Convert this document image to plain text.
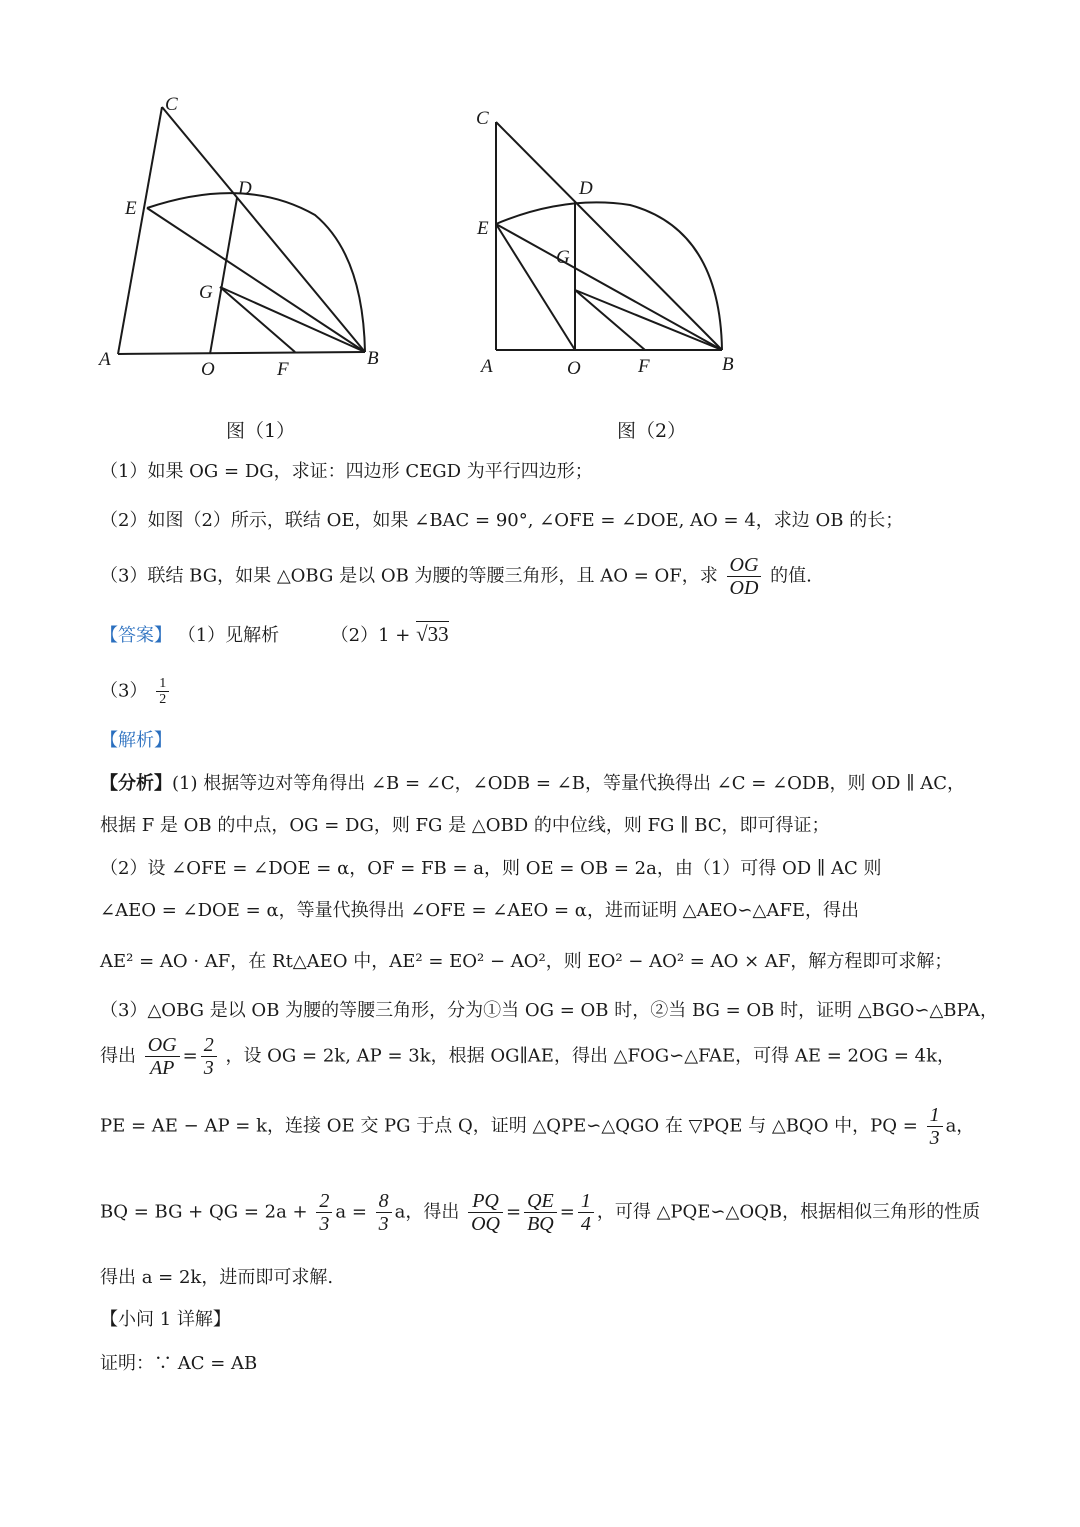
C
E
D
G
A	O	F
B
C
D
E
G
A	O	F	B
图（1）	图（2）
（1）如果 OG = DG，求证：四边形 CEGD 为平行四边形；
（2）如图（2）所示，联结 OE，如果 ∠BAC = 90°, ∠OFE = ∠DOE, AO = 4，求边 OB 的长；
（3）联结 BG，如果 △OBG 是以 OB 为腰的等腰三角形，且 AO = OF，求 $\frac{OG}{OD}$ 的值.
【答案】 （1）见解析	（2）1 + √33
$(3) \frac{1}{2}$
【解析】
【分析】(1) 根据等边对等角得出 ∠B = ∠C，∠ODB = ∠B，等量代换得出 ∠C = ∠ODB，则 OD ∥ AC，
根据 F 是 OB 的中点，OG = DG，则 FG 是 △OBD 的中位线，则 FG ∥ BC，即可得证；
（2）设 ∠OFE = ∠DOE = α，OF = FB = a，则 OE = OB = 2a，由（1）可得 OD ∥ AC 则
∠AEO = ∠DOE = α，等量代换得出 ∠OFE = ∠AEO = α，进而证明 △AEO∽△AFE，得出
AE² = AO · AF，在 Rt△AEO 中，AE² = EO² − AO²，则 EO² − AO² = AO × AF，解方程即可求解；
（3）△OBG 是以 OB 为腰的等腰三角形，分为①当 OG = OB 时，②当 BG = OB 时，证明 △BGO∽△BPA，
得出 $\frac{OG}{AP} = \frac{2}{3}$ ，设 OG = 2k, AP = 3k，根据 OG∥AE，得出 △FOG∽△FAE，可得 AE = 2OG = 4k，
PE = AE − AP = k，连接 OE 交 PG 于点 Q，证明 △QPE∽△QGO 在 ▽PQE 与 △BQO 中，PQ = $\frac{1}{3}$ a，
BQ = BG + QG = $2a + \frac{2}{3}$ $a = \frac{8}{3}$ a，得出 $\frac{PQ}{OQ} = \frac{QE}{BQ} = \frac{1}{4}$ ，可得 △PQE∽△OQB，根据相似三角形的性质
得出 a = 2k，进而即可求解.
【小问 1 详解】
证明：∵ AC = AB
